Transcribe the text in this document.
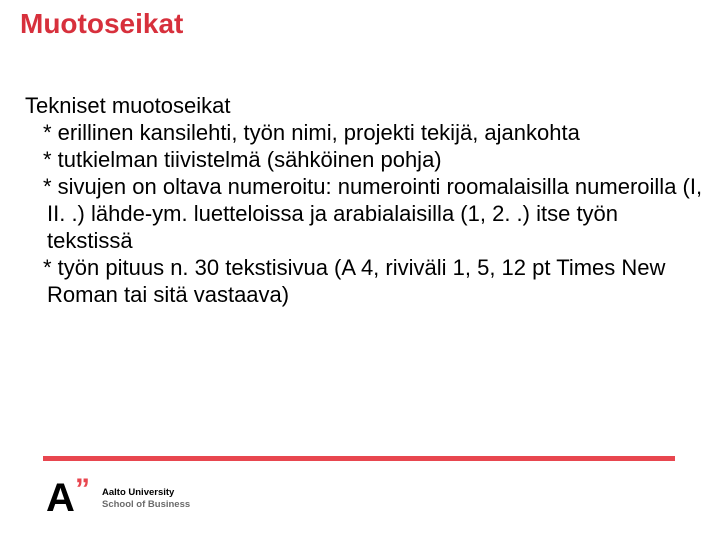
Muotoseikat
Tekniset muotoseikat
* erillinen kansilehti, työn nimi, projekti tekijä, ajankohta
* tutkielman tiivistelmä (sähköinen pohja)
* sivujen on oltava numeroitu: numerointi roomalaisilla numeroilla (I, II. .) lähde-ym. luetteloissa ja arabialaisilla (1, 2. .) itse työn tekstissä
* työn pituus n. 30 tekstisivua (A 4, riviväli 1, 5, 12 pt Times New Roman tai sitä vastaava)
A ” Aalto University
School of Business
